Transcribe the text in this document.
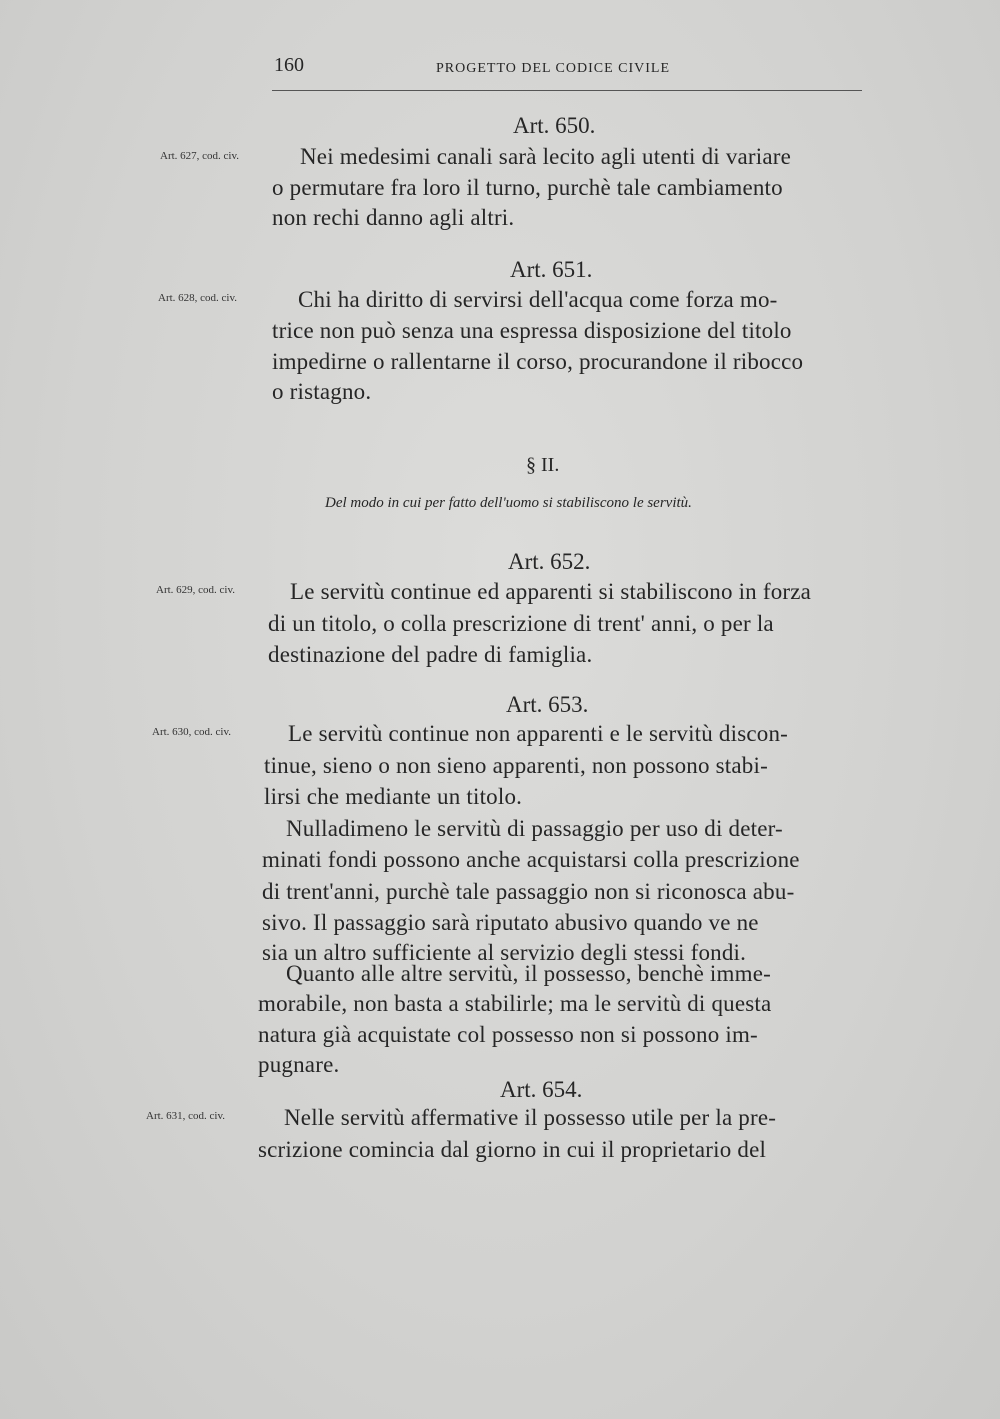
160	PROGETTO DEL CODICE CIVILE
Art. 650.
Art. 627, cod. civ.	Nei medesimi canali sarà lecito agli utenti di variare
o permutare fra loro il turno, purchè tale cambiamento
non rechi danno agli altri.
Art. 651.
Art. 628, cod. civ.	Chi ha diritto di servirsi dell'acqua come forza mo-
trice non può senza una espressa disposizione del titolo
impedirne o rallentarne il corso, procurandone il ribocco
o ristagno.
§ II.
Del modo in cui per fatto dell'uomo si stabiliscono le servitù.
Art. 652.
Art. 629, cod. civ. Le servitù continue ed apparenti si stabiliscono in forza
di un titolo, o colla prescrizione di trent' anni, o per la
destinazione del padre di famiglia.
Art. 653.
Art. 630, cod. civ. Le servitù continue non apparenti e le servitù discon-
tinue, sieno o non sieno apparenti, non possono stabi-
lirsi che mediante un titolo.
Nulladimeno le servitù di passaggio per uso di deter-
minati fondi possono anche acquistarsi colla prescrizione
di trent'anni, purchè tale passaggio non si riconosca abu-
sivo. Il passaggio sarà riputato abusivo quando ve ne
sia un altro sufficiente al servizio degli stessi fondi.
Quanto alle altre servitù, il possesso, benchè imme-
morabile, non basta a stabilirle; ma le servitù di questa
natura già acquistate col possesso non si possono im-
pugnare.
Art. 654.
Art. 631, cod. civ.	Nelle servitù affermative il possesso utile per la pre-
scrizione comincia dal giorno in cui il proprietario del
